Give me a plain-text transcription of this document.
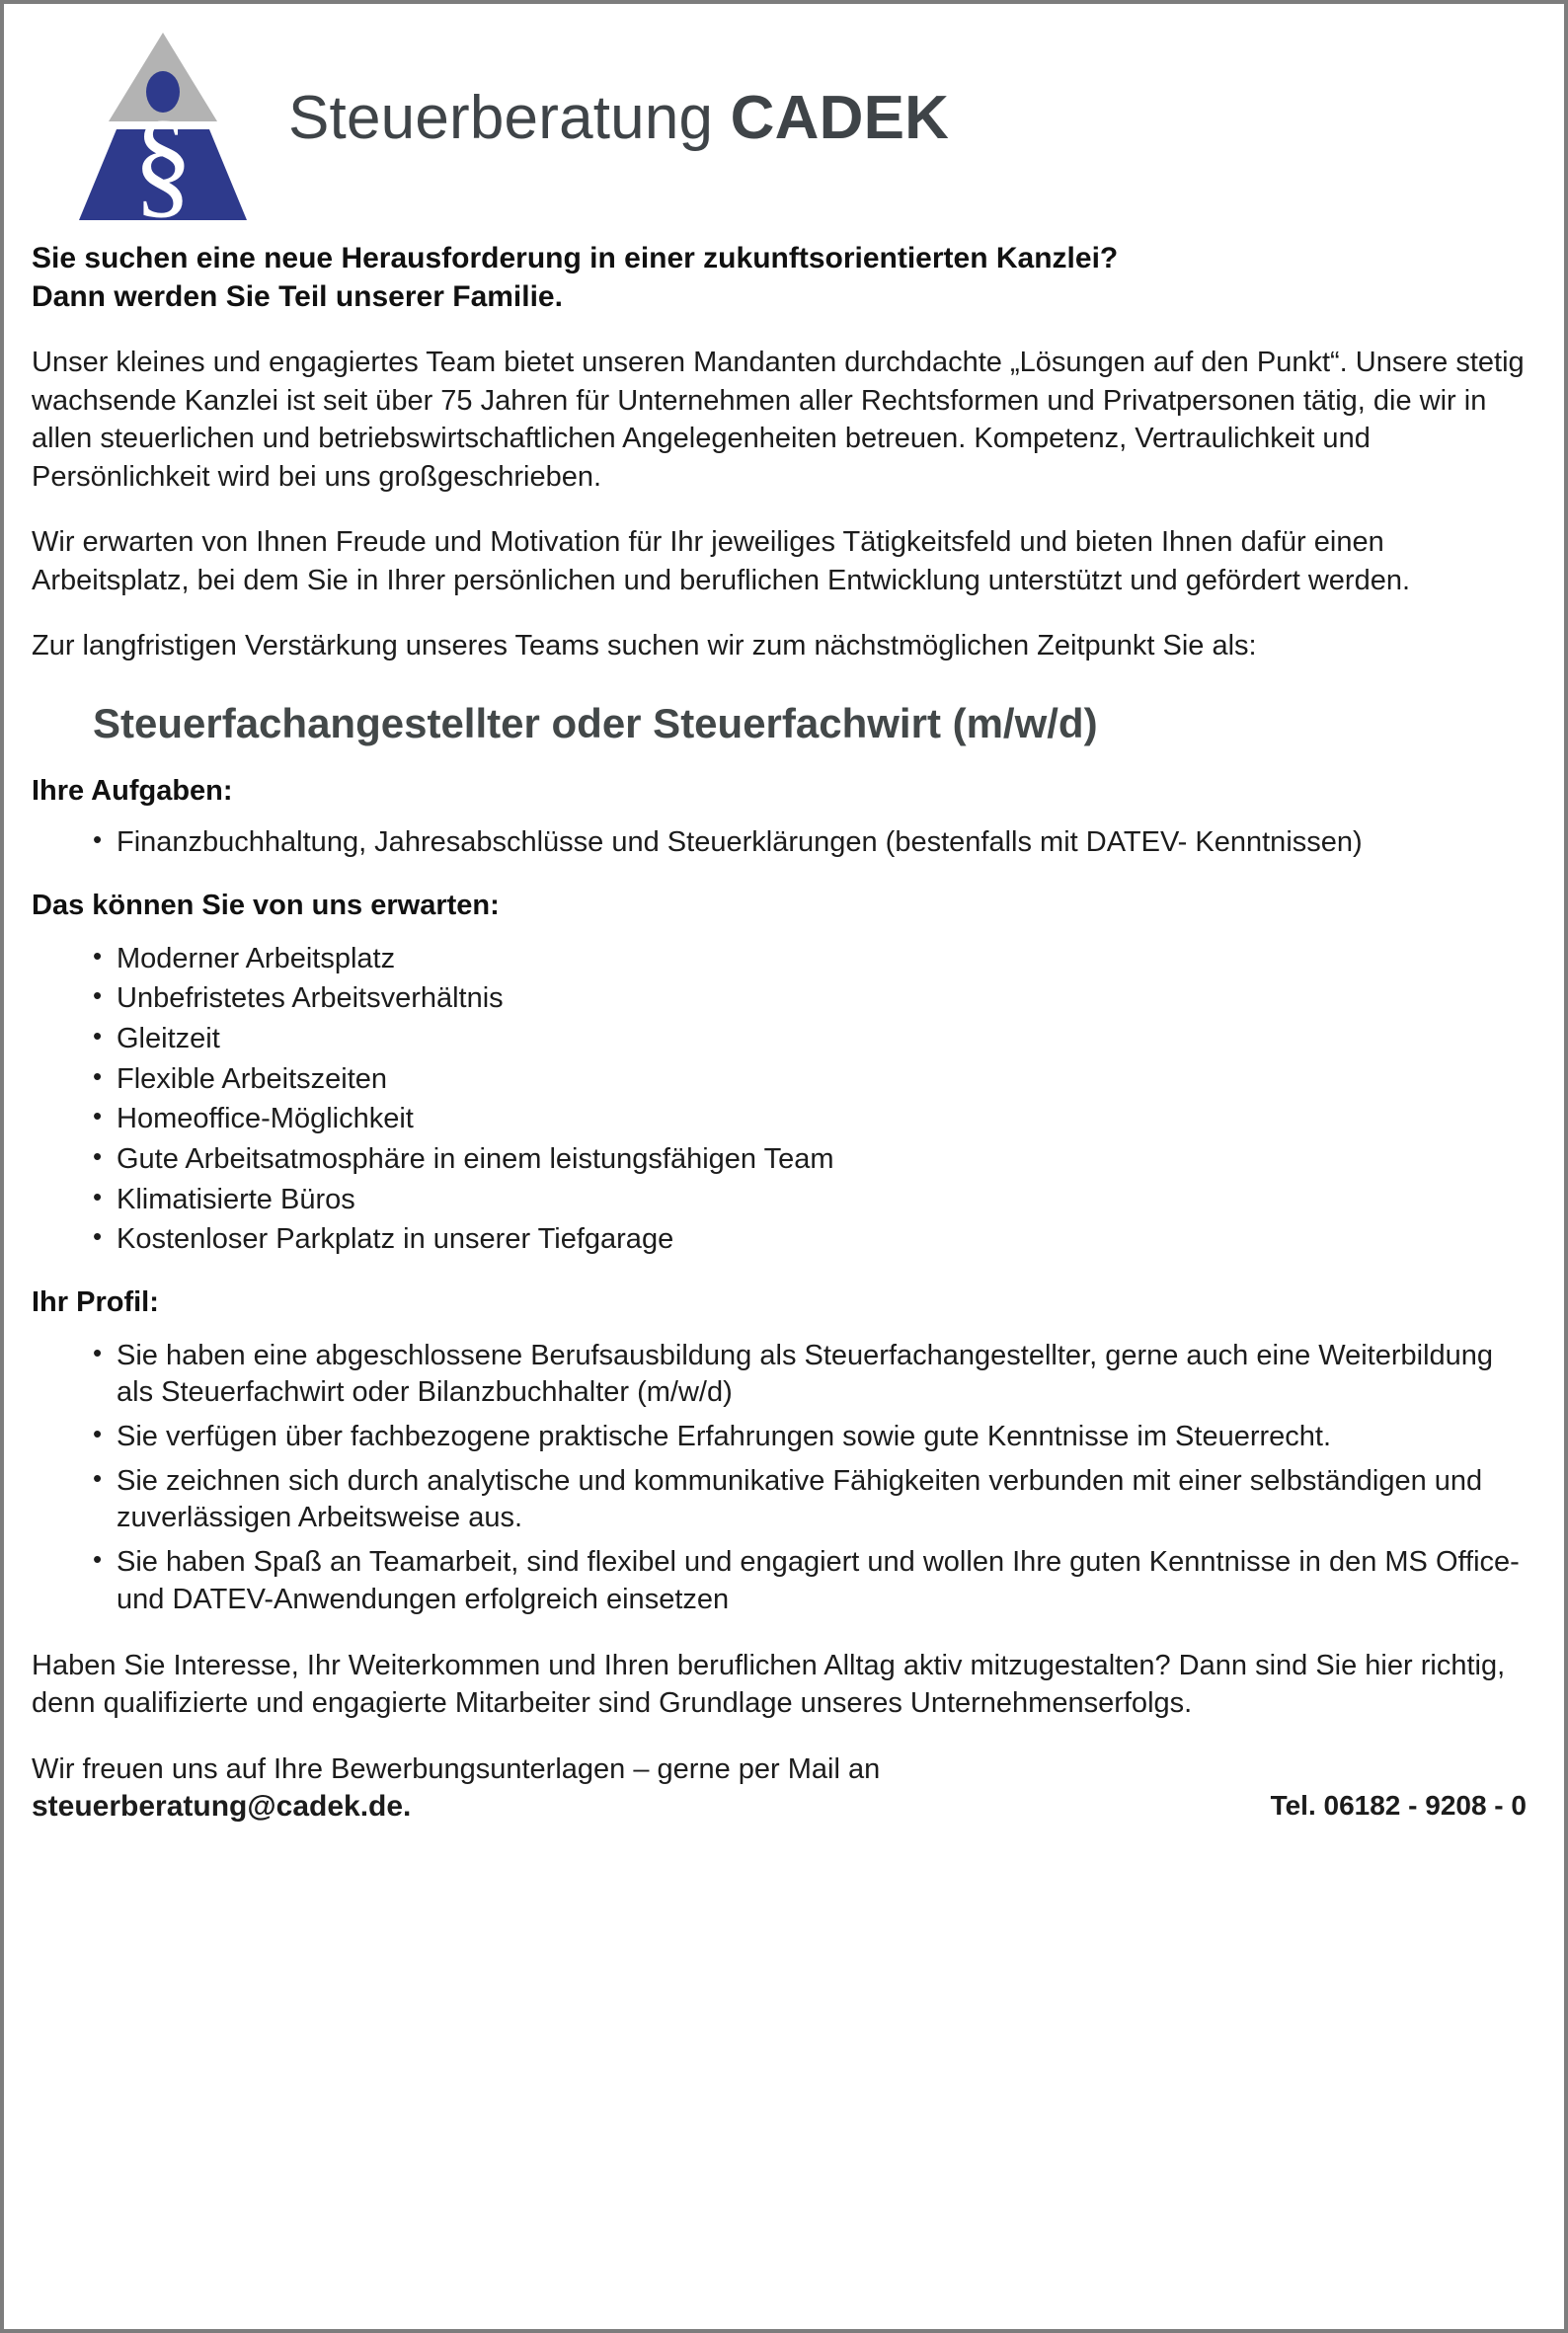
§ Steuerberatung CADEK
Sie suchen eine neue Herausforderung in einer zukunftsorientierten Kanzlei?
Dann werden Sie Teil unserer Familie.

Unser kleines und engagiertes Team bietet unseren Mandanten durchdachte „Lösungen auf den Punkt“. Unsere stetig wachsende Kanzlei ist seit über 75 Jahren für Unternehmen aller Rechtsformen und Privatpersonen tätig, die wir in allen steuerlichen und betriebswirtschaftlichen Angelegenheiten betreuen. Kompetenz, Vertraulichkeit und Persönlichkeit wird bei uns großgeschrieben.

Wir erwarten von Ihnen Freude und Motivation für Ihr jeweiliges Tätigkeitsfeld und bieten Ihnen dafür einen Arbeitsplatz, bei dem Sie in Ihrer persönlichen und beruflichen Entwicklung unterstützt und gefördert werden.

Zur langfristigen Verstärkung unseres Teams suchen wir zum nächstmöglichen Zeitpunkt Sie als:

Steuerfachangestellter oder Steuerfachwirt (m/w/d)
Ihre Aufgaben:
• Finanzbuchhaltung, Jahresabschlüsse und Steuerklärungen (bestenfalls mit DATEV- Kenntnissen)
Das können Sie von uns erwarten:
• Moderner Arbeitsplatz
• Unbefristetes Arbeitsverhältnis
• Gleitzeit
• Flexible Arbeitszeiten
• Homeoffice-Möglichkeit
• Gute Arbeitsatmosphäre in einem leistungsfähigen Team
• Klimatisierte Büros
• Kostenloser Parkplatz in unserer Tiefgarage
Ihr Profil:
• Sie haben eine abgeschlossene Berufsausbildung als Steuerfachangestellter, gerne auch eine Weiterbildung als Steuerfachwirt oder Bilanzbuchhalter (m/w/d)
• Sie verfügen über fachbezogene praktische Erfahrungen sowie gute Kenntnisse im Steuerrecht.
• Sie zeichnen sich durch analytische und kommunikative Fähigkeiten verbunden mit einer selbständigen und zuverlässigen Arbeitsweise aus.
• Sie haben Spaß an Teamarbeit, sind flexibel und engagiert und wollen Ihre guten Kenntnisse in den MS Office- und DATEV-Anwendungen erfolgreich einsetzen

Haben Sie Interesse, Ihr Weiterkommen und Ihren beruflichen Alltag aktiv mitzugestalten? Dann sind Sie hier richtig, denn qualifizierte und engagierte Mitarbeiter sind Grundlage unseres Unternehmenserfolgs.

Wir freuen uns auf Ihre Bewerbungsunterlagen – gerne per Mail an

steuerberatung@cadek.de.	Tel. 06182 - 9208 - 0
